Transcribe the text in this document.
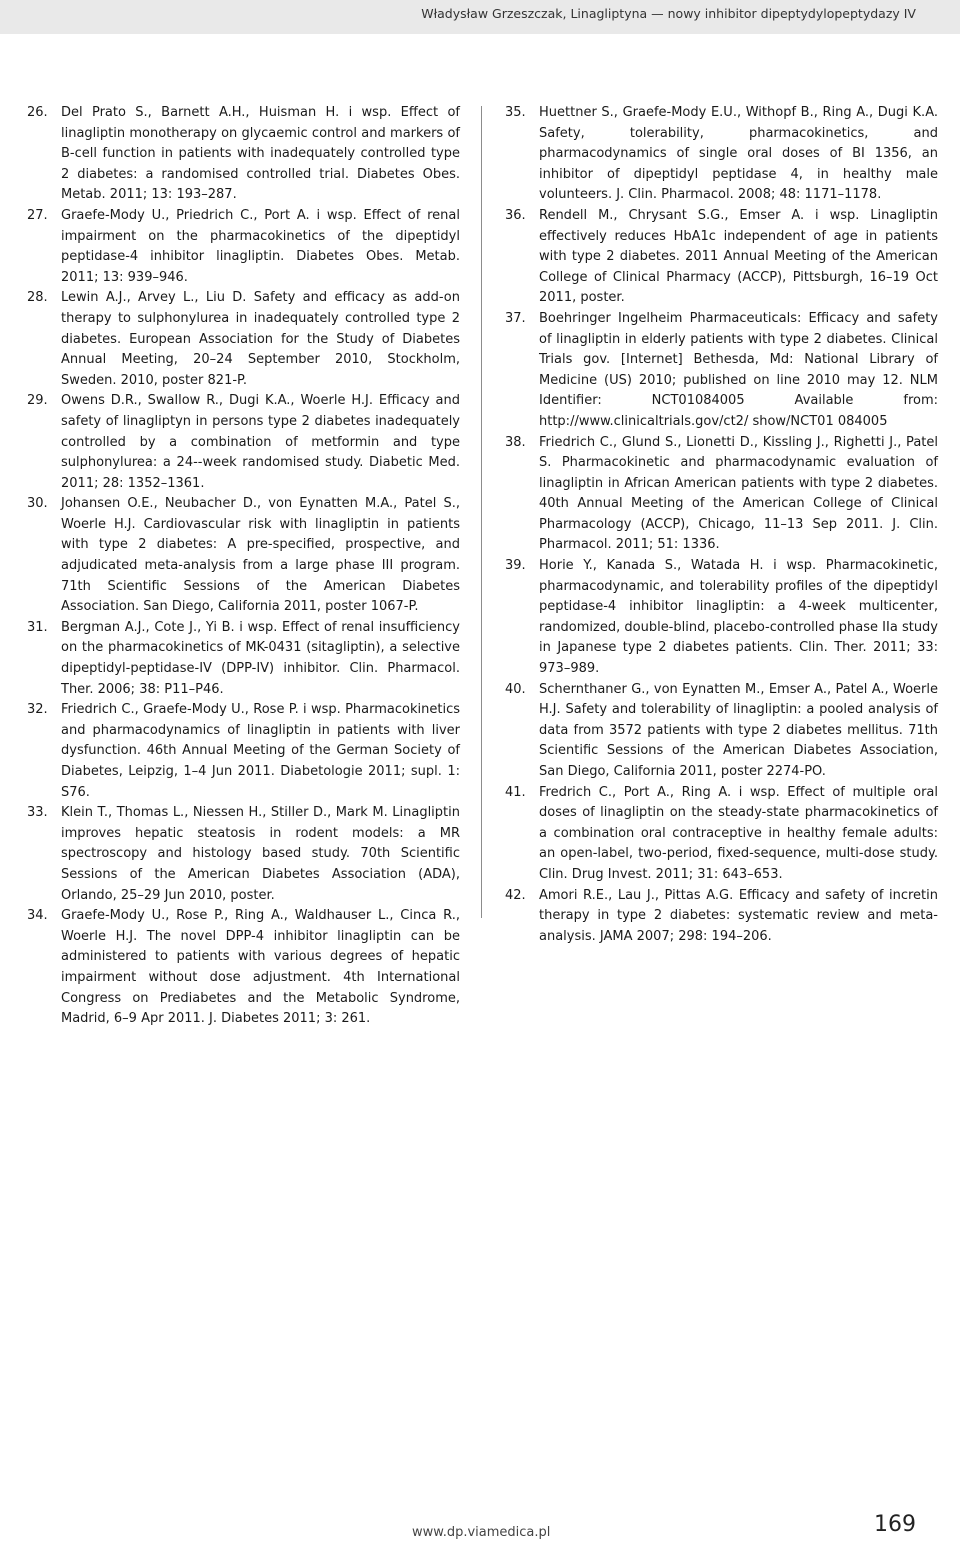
Władysław Grzeszczak, Linagliptyna — nowy inhibitor dipeptydylopeptydazy IV
26. Del Prato S., Barnett A.H., Huisman H. i wsp. Effect of linagliptin monotherapy on glycaemic control and markers of B-cell function in patients with inadequately controlled type 2 diabetes: a randomised controlled trial. Diabetes Obes. Metab. 2011; 13: 193–287.
27. Graefe-Mody U., Priedrich C., Port A. i wsp. Effect of renal impairment on the pharmacokinetics of the dipeptidyl peptidase-4 inhibitor linagliptin. Diabetes Obes. Metab. 2011; 13: 939–946.
28. Lewin A.J., Arvey L., Liu D. Safety and efficacy as add-on therapy to sulphonylurea in inadequately controlled type 2 diabetes. European Association for the Study of Diabetes Annual Meeting, 20–24 September 2010, Stockholm, Sweden. 2010, poster 821-P.
29. Owens D.R., Swallow R., Dugi K.A., Woerle H.J. Efficacy and safety of linagliptyn in persons type 2 diabetes inadequately controlled by a combination of metformin and type sulphonylurea: a 24--week randomised study. Diabetic Med. 2011; 28: 1352–1361.
30. Johansen O.E., Neubacher D., von Eynatten M.A., Patel S., Woerle H.J. Cardiovascular risk with linagliptin in patients with type 2 diabetes: A pre-specified, prospective, and adjudicated meta-analysis from a large phase III program. 71th Scientific Sessions of the American Diabetes Association. San Diego, California 2011, poster 1067-P.
31. Bergman A.J., Cote J., Yi B. i wsp. Effect of renal insufficiency on the pharmacokinetics of MK-0431 (sitagliptin), a selective dipeptidyl-peptidase-IV (DPP-IV) inhibitor. Clin. Pharmacol. Ther. 2006; 38: P11–P46.
32. Friedrich C., Graefe-Mody U., Rose P. i wsp. Pharmacokinetics and pharmacodynamics of linagliptin in patients with liver dysfunction. 46th Annual Meeting of the German Society of Diabetes, Leipzig, 1–4 Jun 2011. Diabetologie 2011; supl. 1: S76.
33. Klein T., Thomas L., Niessen H., Stiller D., Mark M. Linagliptin improves hepatic steatosis in rodent models: a MR spectroscopy and histology based study. 70th Scientific Sessions of the American Diabetes Association (ADA), Orlando, 25–29 Jun 2010, poster.
34. Graefe-Mody U., Rose P., Ring A., Waldhauser L., Cinca R., Woerle H.J. The novel DPP-4 inhibitor linagliptin can be administered to patients with various degrees of hepatic impairment without dose adjustment. 4th International Congress on Prediabetes and the Metabolic Syndrome, Madrid, 6–9 Apr 2011. J. Diabetes 2011; 3: 261.
35. Huettner S., Graefe-Mody E.U., Withopf B., Ring A., Dugi K.A. Safety, tolerability, pharmacokinetics, and pharmacodynamics of single oral doses of BI 1356, an inhibitor of dipeptidyl peptidase 4, in healthy male volunteers. J. Clin. Pharmacol. 2008; 48: 1171–1178.
36. Rendell M., Chrysant S.G., Emser A. i wsp. Linagliptin effectively reduces HbA1c independent of age in patients with type 2 diabetes. 2011 Annual Meeting of the American College of Clinical Pharmacy (ACCP), Pittsburgh, 16–19 Oct 2011, poster.
37. Boehringer Ingelheim Pharmaceuticals: Efficacy and safety of linagliptin in elderly patients with type 2 diabetes. Clinical Trials gov. [Internet] Bethesda, Md: National Library of Medicine (US) 2010; published on line 2010 may 12. NLM Identifier: NCT01084005 Available from: http://www.clinicaltrials.gov/ct2/ show/NCT01 084005
38. Friedrich C., Glund S., Lionetti D., Kissling J., Righetti J., Patel S. Pharmacokinetic and pharmacodynamic evaluation of linagliptin in African American patients with type 2 diabetes. 40th Annual Meeting of the American College of Clinical Pharmacology (ACCP), Chicago, 11–13 Sep 2011. J. Clin. Pharmacol. 2011; 51: 1336.
39. Horie Y., Kanada S., Watada H. i wsp. Pharmacokinetic, pharmacodynamic, and tolerability profiles of the dipeptidyl peptidase-4 inhibitor linagliptin: a 4-week multicenter, randomized, double-blind, placebo-controlled phase IIa study in Japanese type 2 diabetes patients. Clin. Ther. 2011; 33: 973–989.
40. Schernthaner G., von Eynatten M., Emser A., Patel A., Woerle H.J. Safety and tolerability of linagliptin: a pooled analysis of data from 3572 patients with type 2 diabetes mellitus. 71th Scientific Sessions of the American Diabetes Association, San Diego, California 2011, poster 2274-PO.
41. Fredrich C., Port A., Ring A. i wsp. Effect of multiple oral doses of linagliptin on the steady-state pharmacokinetics of a combination oral contraceptive in healthy female adults: an open-label, two-period, fixed-sequence, multi-dose study. Clin. Drug Invest. 2011; 31: 643–653.
42. Amori R.E., Lau J., Pittas A.G. Efficacy and safety of incretin therapy in type 2 diabetes: systematic review and meta-analysis. JAMA 2007; 298: 194–206.
www.dp.viamedica.pl	169
